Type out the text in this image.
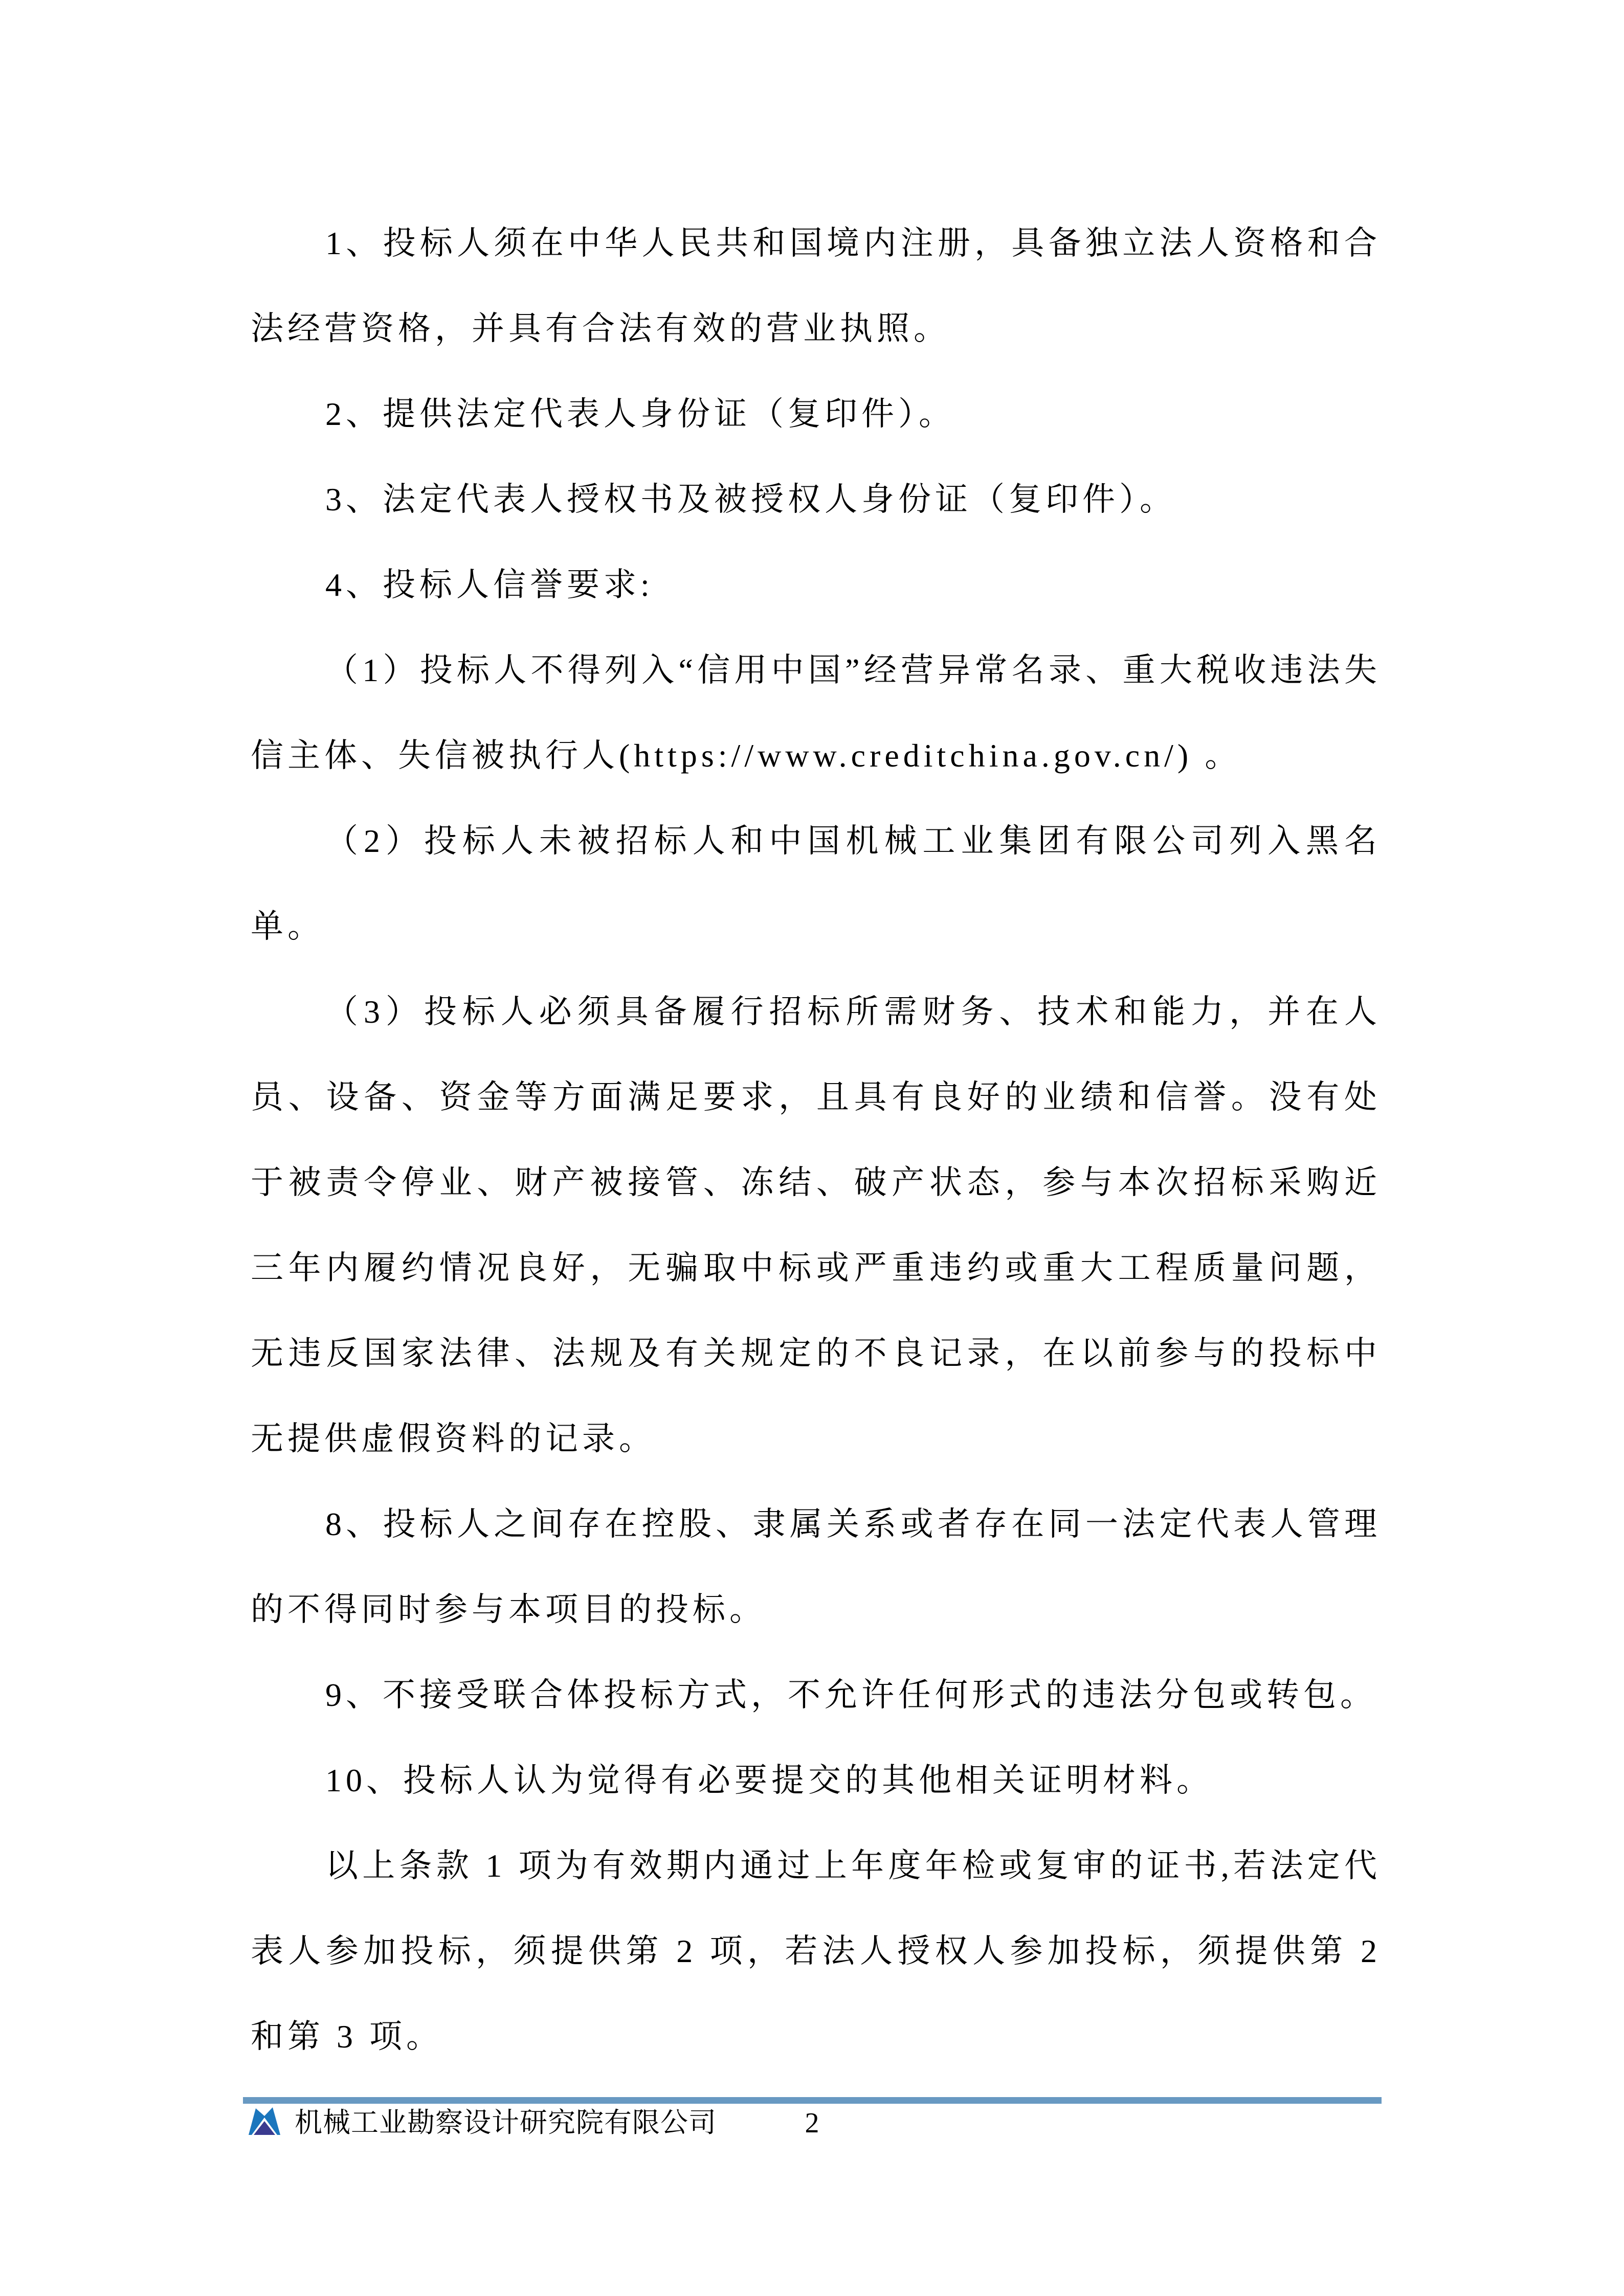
1、投标人须在中华人民共和国境内注册，具备独立法人资格和合法经营资格，并具有合法有效的营业执照。

2、提供法定代表人身份证（复印件）。

3、法定代表人授权书及被授权人身份证（复印件）。

4、投标人信誉要求:

（1）投标人不得列入“信用中国”经营异常名录、重大税收违法失信主体、失信被执行人(https://www.creditchina.gov.cn/) 。

（2）投标人未被招标人和中国机械工业集团有限公司列入黑名单。

（3）投标人必须具备履行招标所需财务、技术和能力，并在人员、设备、资金等方面满足要求，且具有良好的业绩和信誉。没有处于被责令停业、财产被接管、冻结、破产状态，参与本次招标采购近三年内履约情况良好，无骗取中标或严重违约或重大工程质量问题，无违反国家法律、法规及有关规定的不良记录，在以前参与的投标中无提供虚假资料的记录。

8、投标人之间存在控股、隶属关系或者存在同一法定代表人管理的不得同时参与本项目的投标。

9、不接受联合体投标方式，不允许任何形式的违法分包或转包。

10、投标人认为觉得有必要提交的其他相关证明材料。

以上条款 1 项为有效期内通过上年度年检或复审的证书,若法定代表人参加投标，须提供第 2 项，若法人授权人参加投标，须提供第 2 和第 3 项。

机械工业勘察设计研究院有限公司	2
